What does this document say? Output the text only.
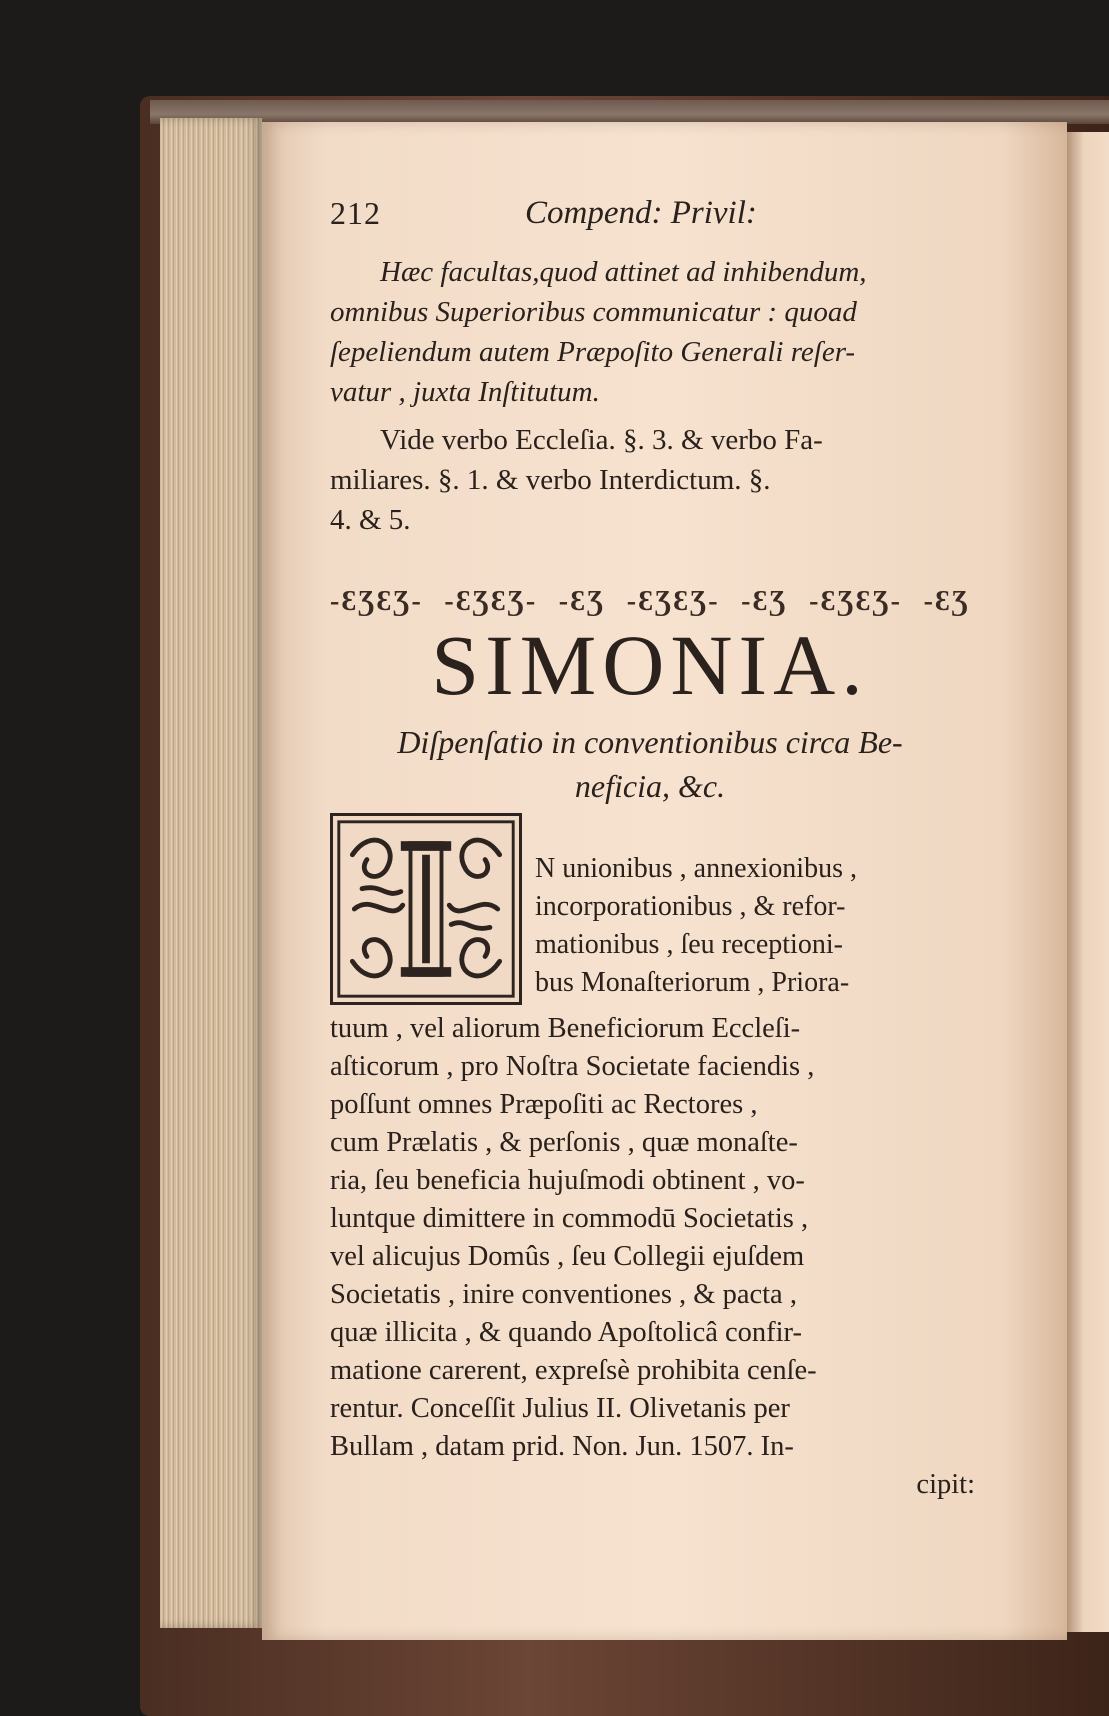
212	Compend: Privil:
Hæc facultas,quod attinet ad inhibendum,
omnibus Superioribus communicatur : quoad
ſepeliendum autem Præpoſito Generali reſer-
vatur , juxta Inſtitutum.
Vide verbo Eccleſia. §. 3. & verbo Fa-
miliares. §. 1. & verbo Interdictum. §.
4. & 5.
-ƐƷƐƷ- -ƐƷƐƷ- -ƐƷ -ƐƷƐƷ- -ƐƷ -ƐƷƐƷ- -ƐƷ
SIMONIA.
Diſpenſatio in conventionibus circa Be-
neficia, &c.
N unionibus , annexionibus ,
incorporationibus , & refor-
mationibus , ſeu receptioni-
bus Monaſteriorum , Priora-
tuum , vel aliorum Beneficiorum Eccleſi-
aſticorum , pro Noſtra Societate faciendis ,
poſſunt omnes Præpoſiti ac Rectores ,
cum Prælatis , & perſonis , quæ monaſte-
ria, ſeu beneficia hujuſmodi obtinent , vo-
luntque dimittere in commodū Societatis ,
vel alicujus Domûs , ſeu Collegii ejuſdem
Societatis , inire conventiones , & pacta ,
quæ illicita , & quando Apoſtolicâ confir-
matione carerent, expreſsè prohibita cenſe-
rentur. Conceſſit Julius II. Olivetanis per
Bullam , datam prid. Non. Jun. 1507. In-
cipit:
